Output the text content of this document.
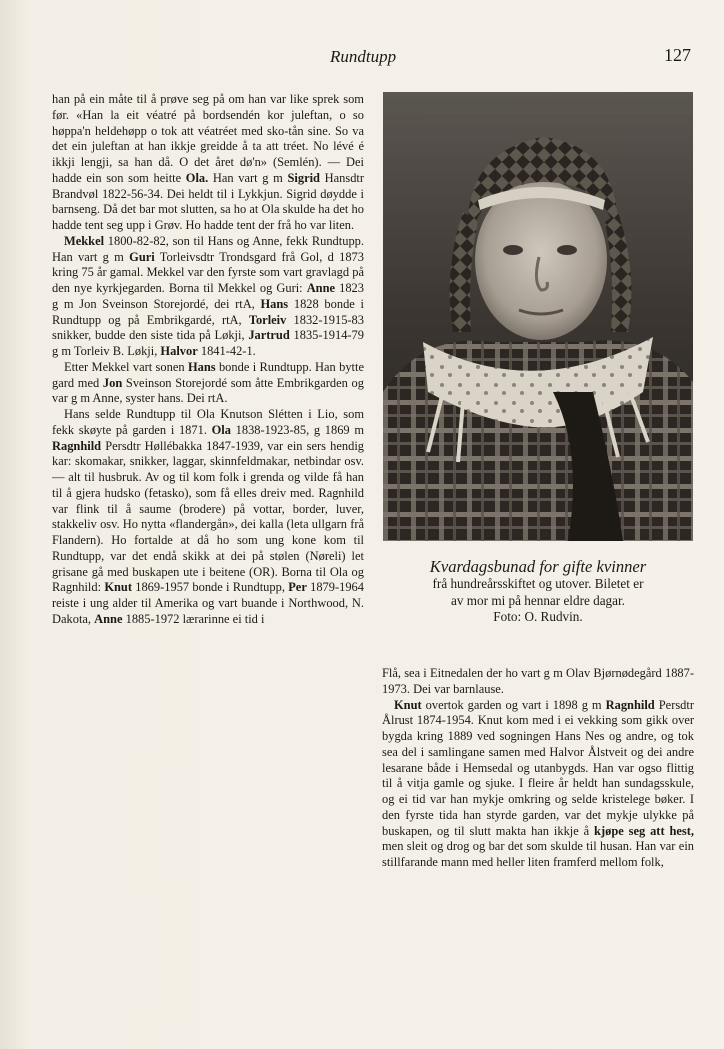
Rundtupp	127

han på ein måte til å prøve seg på om han var like sprek som før. «Han la eit véatré på bordsendén kor juleftan, o so høppa'n heldehøpp o tok att véatréet med sko-tån sine. So va det ein juleftan at han ikkje greidde å ta att tréet. No lévé é ikkji lengji, sa han då. O det året dø'n» (Semlén). — Dei hadde ein son som heitte Ola. Han vart g m Sigrid Hansdtr Brandvøl 1822-56-34. Dei heldt til i Lykkjun. Sigrid døydde i barnseng. Då det bar mot slutten, sa ho at Ola skulde ha det ho hadde tent seg upp i Grøv. Ho hadde tent der frå ho var liten.

Mekkel 1800-82-82, son til Hans og Anne, fekk Rundtupp. Han vart g m Guri Torleivsdtr Trondsgard frå Gol, d 1873 kring 75 år gamal. Mekkel var den fyrste som vart gravlagd på den nye kyrkjegarden. Borna til Mekkel og Guri: Anne 1823 g m Jon Sveinson Storejordé, dei rtA, Hans 1828 bonde i Rundtupp og på Embrikgardé, rtA, Torleiv 1832-1915-83 snikker, budde den siste tida på Løkji, Jartrud 1835-1914-79 g m Torleiv B. Løkji, Halvor 1841-42-1.

Etter Mekkel vart sonen Hans bonde i Rundtupp. Han bytte gard med Jon Sveinson Storejordé som åtte Embrikgarden og var g m Anne, syster hans. Dei rtA.

Hans selde Rundtupp til Ola Knutson Slétten i Lio, som fekk skøyte på garden i 1871. Ola 1838-1923-85, g 1869 m Ragnhild Persdtr Høllébakka 1847-1939, var ein sers hendig kar: skomakar, snikker, laggar, skinnfeldmakar, netbindar osv. — alt til husbruk. Av og til kom folk i grenda og vilde få han til å gjera hudsko (fetasko), som få elles dreiv med. Ragnhild var flink til å saume (brodere) på vottar, border, luver, stakkeliv osv. Ho nytta «flandergån», dei kalla (leta ullgarn frå Flandern). Ho fortalde at då ho som ung kone kom til Rundtupp, var det endå skikk at dei på stølen (Nøreli) let grisane gå med buskapen ute i beitene (OR). Borna til Ola og Ragnhild: Knut 1869-1957 bonde i Rundtupp, Per 1879-1964 reiste i ung alder til Amerika og vart buande i Northwood, N. Dakota, Anne 1885-1972 lærarinne ei tid i

Kvardagsbunad for gifte kvinner
frå hundreårsskiftet og utover. Biletet er
av mor mi på hennar eldre dagar.
Foto: O. Rudvin.

Flå, sea i Eitnedalen der ho vart g m Olav Bjørnødegård 1887-1973. Dei var barnlause.

Knut overtok garden og vart i 1898 g m Ragnhild Persdtr Ålrust 1874-1954. Knut kom med i ei vekking som gikk over bygda kring 1889 ved sogningen Hans Nes og andre, og tok sea del i samlingane samen med Halvor Ålstveit og dei andre lesarane både i Hemsedal og utanbygds. Han var ogso flittig til å vitja gamle og sjuke. I fleire år heldt han sundagsskule, og ei tid var han mykje omkring og selde kristelege bøker. I den fyrste tida han styrde garden, var det mykje ulykke på buskapen, og til slutt makta han ikkje å kjøpe seg att hest, men sleit og drog og bar det som skulde til husan. Han var ein stillfarande mann med heller liten framferd mellom folk,
